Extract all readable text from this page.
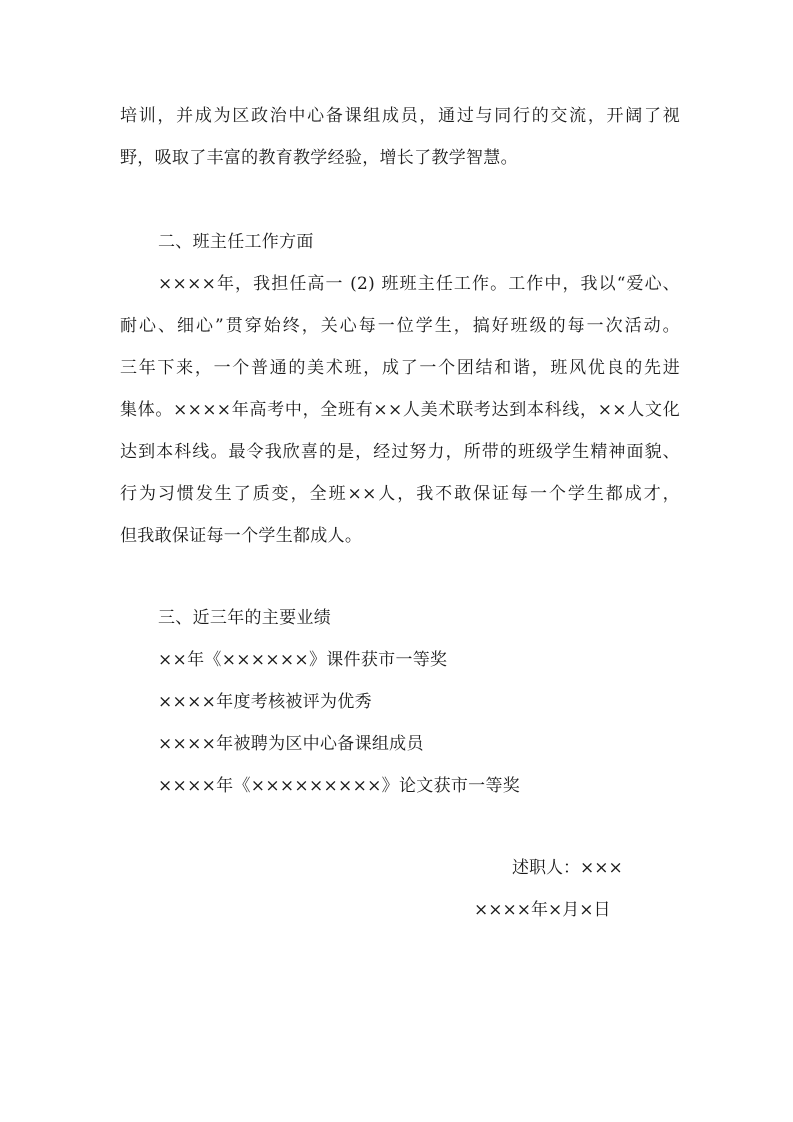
培训，并成为区政治中心备课组成员，通过与同行的交流，开阔了视
野，吸取了丰富的教育教学经验，增长了教学智慧。
二、班主任工作方面
××××年，我担任高一 (2) 班班主任工作。工作中，我以“爱心、
耐心、细心”贯穿始终，关心每一位学生，搞好班级的每一次活动。
三年下来，一个普通的美术班，成了一个团结和谐，班风优良的先进
集体。××××年高考中，全班有××人美术联考达到本科线，××人文化
达到本科线。最令我欣喜的是，经过努力，所带的班级学生精神面貌、
行为习惯发生了质变，全班××人，我不敢保证每一个学生都成才，
但我敢保证每一个学生都成人。
三、近三年的主要业绩
××年《××××××》课件获市一等奖
××××年度考核被评为优秀
××××年被聘为区中心备课组成员
××××年《×××××××××》论文获市一等奖
述职人：×××
××××年×月×日
